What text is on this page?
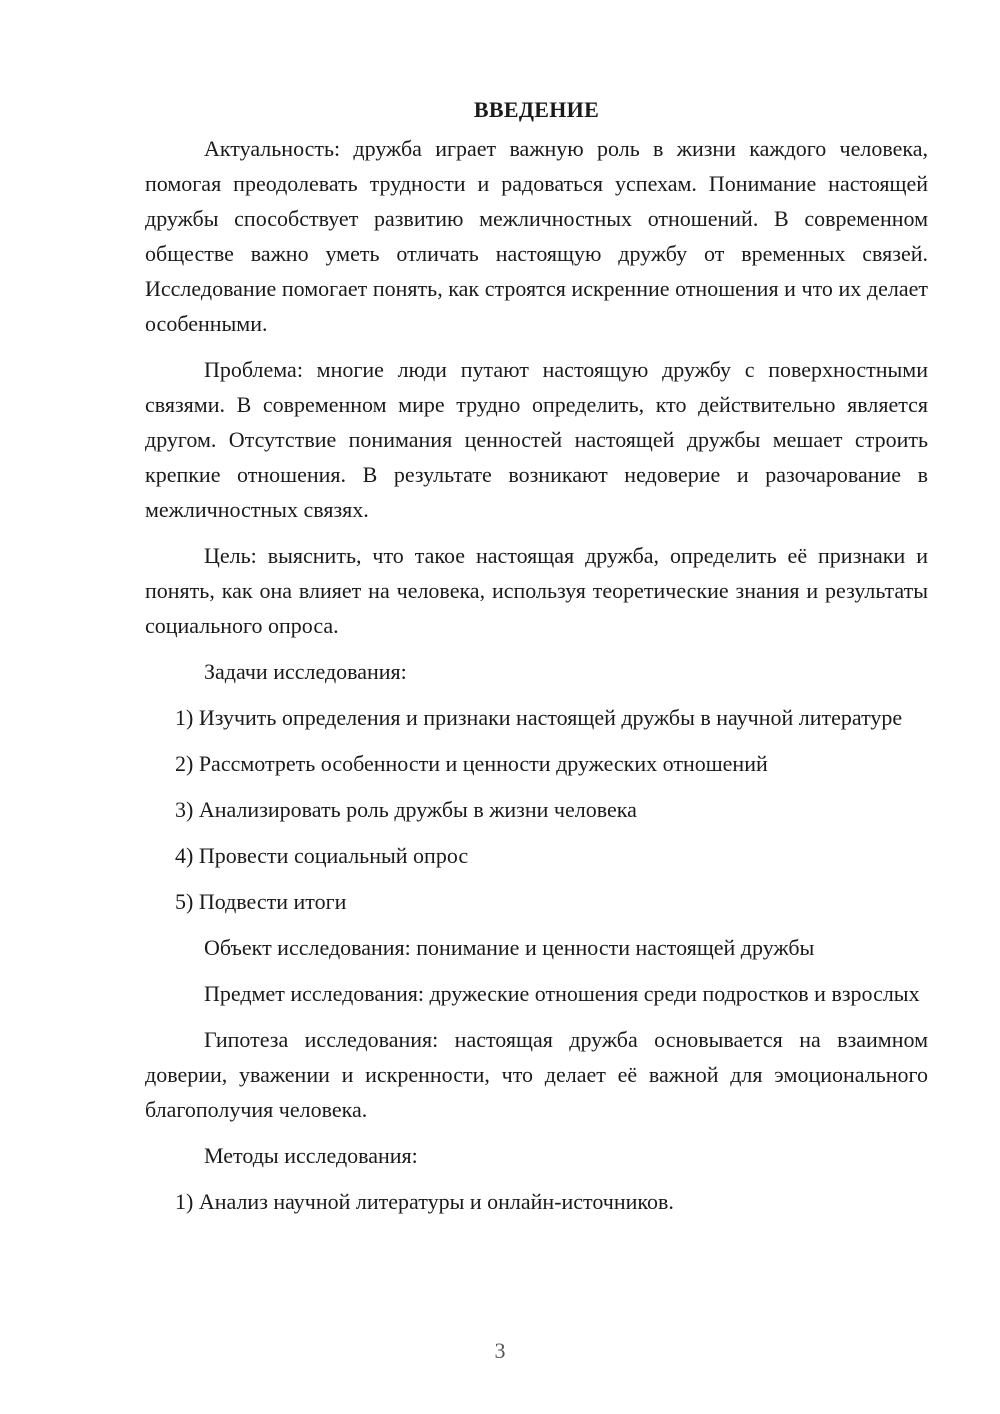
ВВЕДЕНИЕ

Актуальность: дружба играет важную роль в жизни каждого человека, помогая преодолевать трудности и радоваться успехам. Понимание настоящей дружбы способствует развитию межличностных отношений. В современном обществе важно уметь отличать настоящую дружбу от временных связей. Исследование помогает понять, как строятся искренние отношения и что их делает особенными.

Проблема: многие люди путают настоящую дружбу с поверхностными связями. В современном мире трудно определить, кто действительно является другом. Отсутствие понимания ценностей настоящей дружбы мешает строить крепкие отношения. В результате возникают недоверие и разочарование в межличностных связях.

Цель: выяснить, что такое настоящая дружба, определить её признаки и понять, как она влияет на человека, используя теоретические знания и результаты социального опроса.

Задачи исследования:

1) Изучить определения и признаки настоящей дружбы в научной литературе

2) Рассмотреть особенности и ценности дружеских отношений

3) Анализировать роль дружбы в жизни человека

4) Провести социальный опрос

5) Подвести итоги

Объект исследования: понимание и ценности настоящей дружбы

Предмет исследования: дружеские отношения среди подростков и взрослых

Гипотеза исследования: настоящая дружба основывается на взаимном доверии, уважении и искренности, что делает её важной для эмоционального благополучия человека.

Методы исследования:

1) Анализ научной литературы и онлайн-источников.

3
